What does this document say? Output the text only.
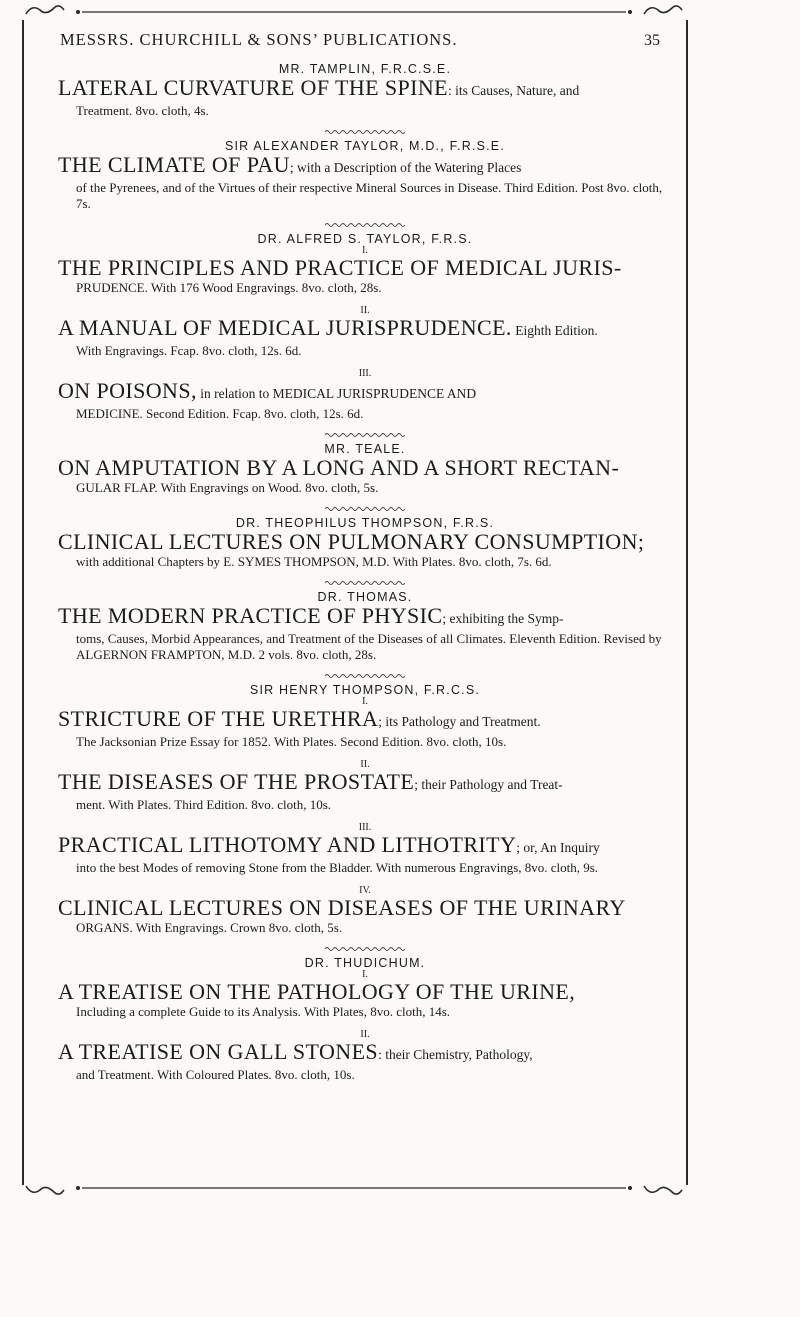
MESSRS. CHURCHILL & SONS’ PUBLICATIONS.	35

MR. TAMPLIN, F.R.C.S.E.

LATERAL CURVATURE OF THE SPINE: its Causes, Nature, and

Treatment. 8vo. cloth, 4s.

SIR ALEXANDER TAYLOR, M.D., F.R.S.E.

THE CLIMATE OF PAU; with a Description of the Watering Places

of the Pyrenees, and of the Virtues of their respective Mineral Sources in Disease. Third Edition. Post 8vo. cloth, 7s.

DR. ALFRED S. TAYLOR, F.R.S.

I.

THE PRINCIPLES AND PRACTICE OF MEDICAL JURIS-

PRUDENCE. With 176 Wood Engravings. 8vo. cloth, 28s.

II.

A MANUAL OF MEDICAL JURISPRUDENCE. Eighth Edition.

With Engravings. Fcap. 8vo. cloth, 12s. 6d.

III.

ON POISONS, in relation to MEDICAL JURISPRUDENCE AND

MEDICINE. Second Edition. Fcap. 8vo. cloth, 12s. 6d.

MR. TEALE.

ON AMPUTATION BY A LONG AND A SHORT RECTAN-

GULAR FLAP. With Engravings on Wood. 8vo. cloth, 5s.

DR. THEOPHILUS THOMPSON, F.R.S.

CLINICAL LECTURES ON PULMONARY CONSUMPTION;

with additional Chapters by E. SYMES THOMPSON, M.D. With Plates. 8vo. cloth, 7s. 6d.

DR. THOMAS.

THE MODERN PRACTICE OF PHYSIC; exhibiting the Symp-

toms, Causes, Morbid Appearances, and Treatment of the Diseases of all Climates. Eleventh Edition. Revised by ALGERNON FRAMPTON, M.D. 2 vols. 8vo. cloth, 28s.

SIR HENRY THOMPSON, F.R.C.S.

I.

STRICTURE OF THE URETHRA; its Pathology and Treatment.

The Jacksonian Prize Essay for 1852. With Plates. Second Edition. 8vo. cloth, 10s.

II.

THE DISEASES OF THE PROSTATE; their Pathology and Treat-

ment. With Plates. Third Edition. 8vo. cloth, 10s.

III.

PRACTICAL LITHOTOMY AND LITHOTRITY; or, An Inquiry

into the best Modes of removing Stone from the Bladder. With numerous Engravings, 8vo. cloth, 9s.

IV.

CLINICAL LECTURES ON DISEASES OF THE URINARY

ORGANS. With Engravings. Crown 8vo. cloth, 5s.

DR. THUDICHUM.

I.

A TREATISE ON THE PATHOLOGY OF THE URINE,

Including a complete Guide to its Analysis. With Plates, 8vo. cloth, 14s.

II.

A TREATISE ON GALL STONES: their Chemistry, Pathology,

and Treatment. With Coloured Plates. 8vo. cloth, 10s.
